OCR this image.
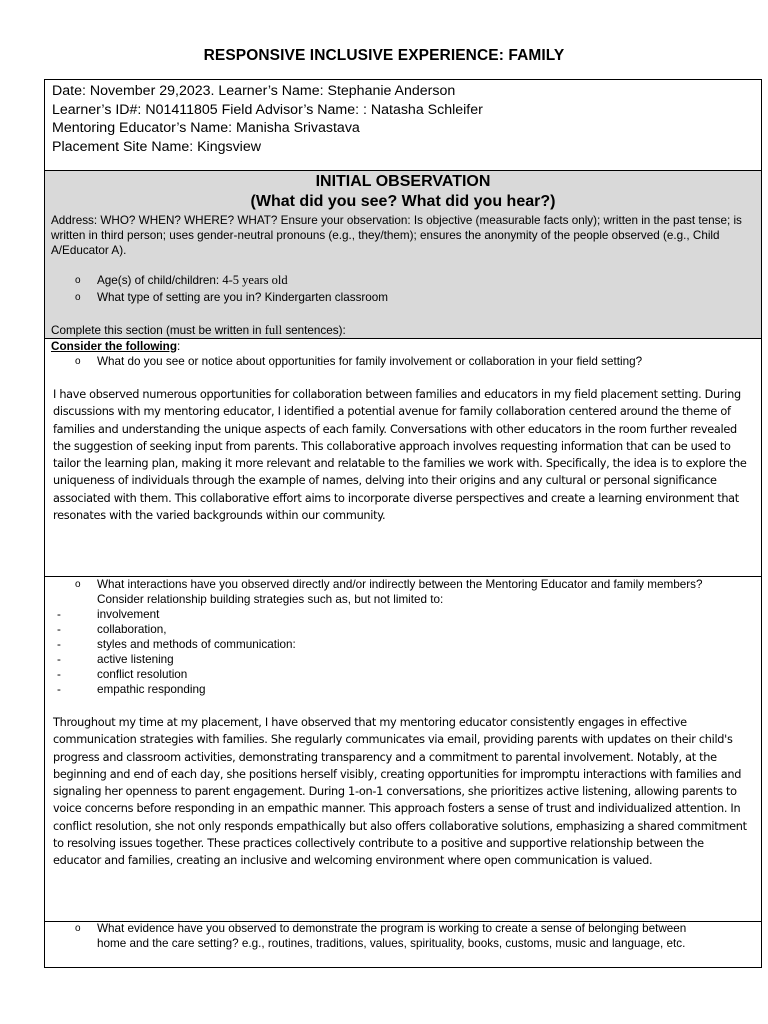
RESPONSIVE INCLUSIVE EXPERIENCE: FAMILY
Date: November 29,2023. Learner’s Name: Stephanie Anderson
Learner’s ID#: N01411805 Field Advisor’s Name: : Natasha Schleifer
Mentoring Educator’s Name: Manisha Srivastava
Placement Site Name: Kingsview
INITIAL OBSERVATION
(What did you see? What did you hear?)
Address: WHO? WHEN? WHERE? WHAT? Ensure your observation: Is objective (measurable facts only); written in the past tense; is written in third person; uses gender-neutral pronouns (e.g., they/them); ensures the anonymity of the people observed (e.g., Child A/Educator A).
o Age(s) of child/children: 4-5 years old
o What type of setting are you in? Kindergarten classroom
Complete this section (must be written in full sentences):
Consider the following:
o What do you see or notice about opportunities for family involvement or collaboration in your field setting?

I have observed numerous opportunities for collaboration between families and educators in my field placement setting. During discussions with my mentoring educator, I identified a potential avenue for family collaboration centered around the theme of families and understanding the unique aspects of each family. Conversations with other educators in the room further revealed the suggestion of seeking input from parents. This collaborative approach involves requesting information that can be used to tailor the learning plan, making it more relevant and relatable to the families we work with. Specifically, the idea is to explore the uniqueness of individuals through the example of names, delving into their origins and any cultural or personal significance associated with them. This collaborative effort aims to incorporate diverse perspectives and create a learning environment that resonates with the varied backgrounds within our community.

o What interactions have you observed directly and/or indirectly between the Mentoring Educator and family members? Consider relationship building strategies such as, but not limited to:
- involvement
- collaboration,
- styles and methods of communication:
- active listening
- conflict resolution
- empathic responding

Throughout my time at my placement, I have observed that my mentoring educator consistently engages in effective communication strategies with families. She regularly communicates via email, providing parents with updates on their child's progress and classroom activities, demonstrating transparency and a commitment to parental involvement. Notably, at the beginning and end of each day, she positions herself visibly, creating opportunities for impromptu interactions with families and signaling her openness to parent engagement. During 1-on-1 conversations, she prioritizes active listening, allowing parents to voice concerns before responding in an empathic manner. This approach fosters a sense of trust and individualized attention. In conflict resolution, she not only responds empathically but also offers collaborative solutions, emphasizing a shared commitment to resolving issues together. These practices collectively contribute to a positive and supportive relationship between the educator and families, creating an inclusive and welcoming environment where open communication is valued.

o What evidence have you observed to demonstrate the program is working to create a sense of belonging between home and the care setting? e.g., routines, traditions, values, spirituality, books, customs, music and language, etc.
